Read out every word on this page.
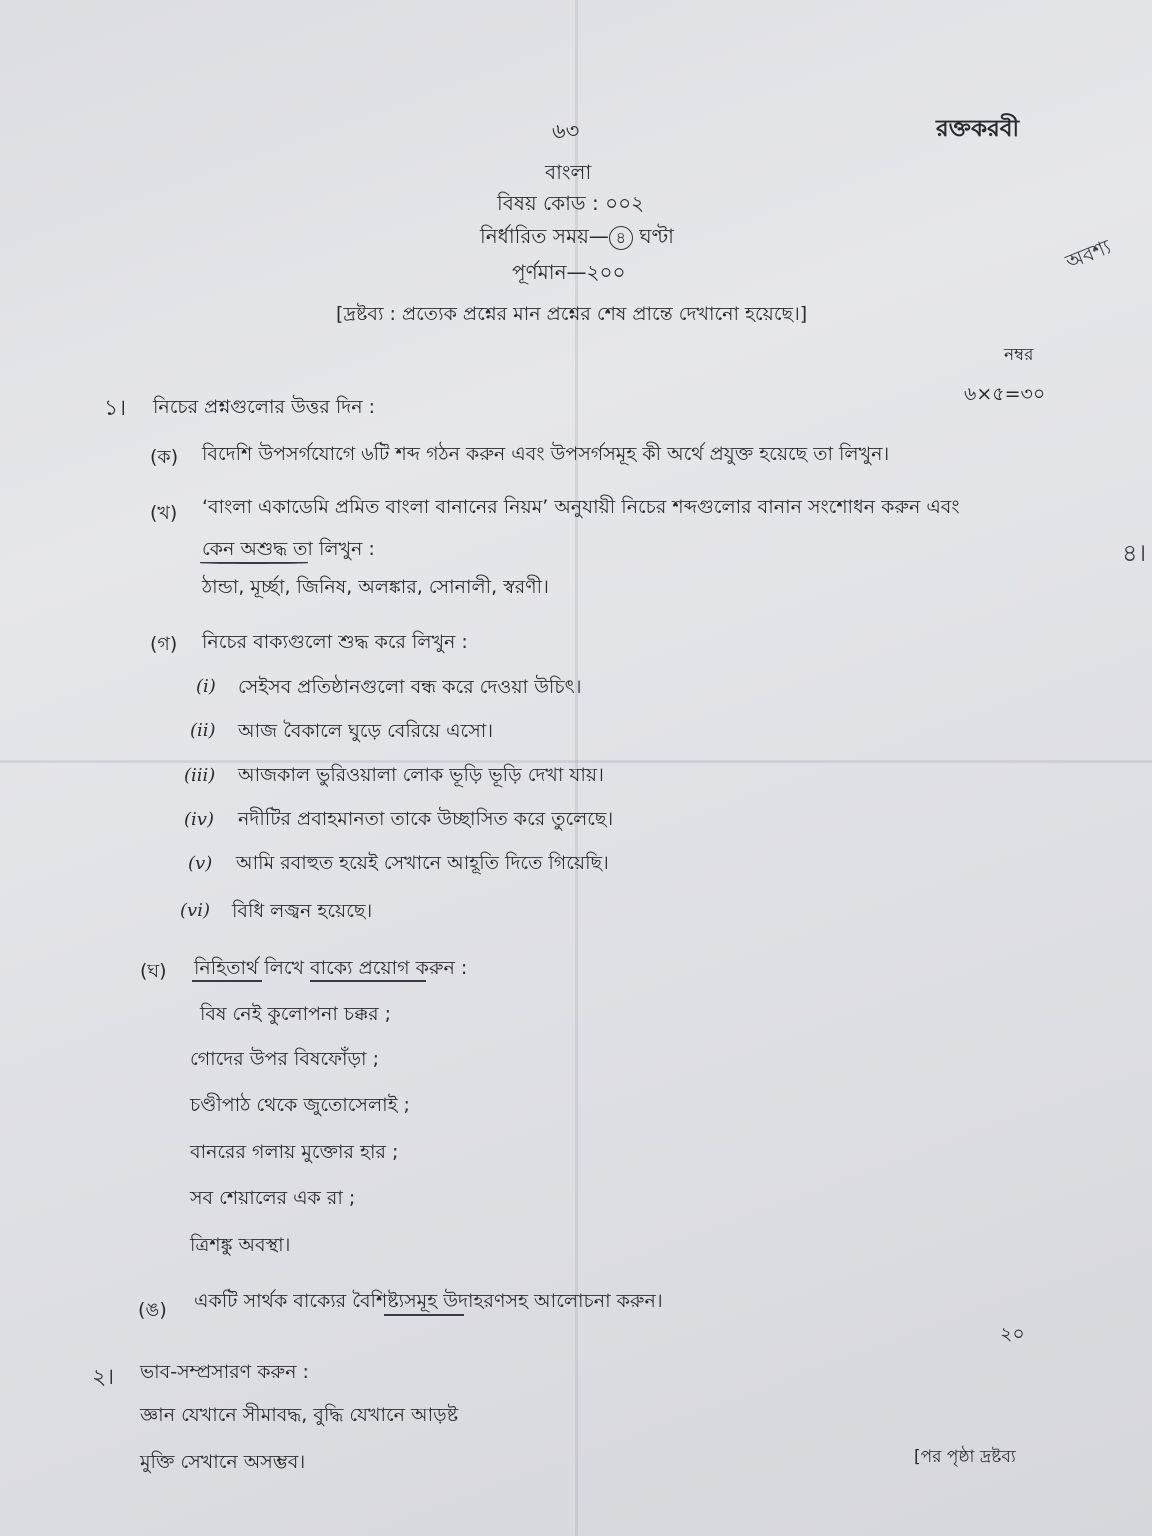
৬৩	রক্তকরবী
বাংলা
বিষয় কোড : ০০২
নির্ধারিত সময়— ৪ ঘণ্টা
পূর্ণমান—২০০
[দ্রষ্টব্য : প্রত্যেক প্রশ্নের মান প্রশ্নের শেষ প্রান্তে দেখানো হয়েছে।]
নম্বর
অবশ্য
৪।
১। নিচের প্রশ্নগুলোর উত্তর দিন :
৬×৫=৩০
(ক) বিদেশি উপসর্গযোগে ৬টি শব্দ গঠন করুন এবং উপসর্গসমূহ কী অর্থে প্রযুক্ত হয়েছে তা লিখুন।
(খ) ‘বাংলা একাডেমি প্রমিত বাংলা বানানের নিয়ম’ অনুযায়ী নিচের শব্দগুলোর বানান সংশোধন করুন এবং
কেন অশুদ্ধ তা লিখুন :
ঠান্ডা, মূর্চ্ছা, জিনিষ, অলঙ্কার, সোনালী, স্বরণী।
(গ) নিচের বাক্যগুলো শুদ্ধ করে লিখুন :
(i) সেইসব প্রতিষ্ঠানগুলো বন্ধ করে দেওয়া উচিৎ।
(ii) আজ বৈকালে ঘুড়ে বেরিয়ে এসো।
(iii) আজকাল ভুরিওয়ালা লোক ভূড়ি ভূড়ি দেখা যায়।
(iv) নদীটির প্রবাহমানতা তাকে উচ্ছাসিত করে তুলেছে।
(v) আমি রবাহুত হয়েই সেখানে আহূতি দিতে গিয়েছি।
(vi) বিধি লজ্বন হয়েছে।
(ঘ) নিহিতার্থ লিখে বাক্যে প্রয়োগ করুন :
বিষ নেই কুলোপনা চক্কর ;
গোদের উপর বিষফোঁড়া ;
চণ্ডীপাঠ থেকে জুতোসেলাই ;
বানরের গলায় মুক্তোর হার ;
সব শেয়ালের এক রা ;
ত্রিশঙ্কু অবস্থা।
(ঙ) একটি সার্থক বাক্যের বৈশিষ্ট্যসমূহ উদাহরণসহ আলোচনা করুন।
২০
২। ভাব-সম্প্রসারণ করুন :
জ্ঞান যেখানে সীমাবদ্ধ, বুদ্ধি যেখানে আড়ষ্ট
মুক্তি সেখানে অসম্ভব।	[পর পৃষ্ঠা দ্রষ্টব্য
